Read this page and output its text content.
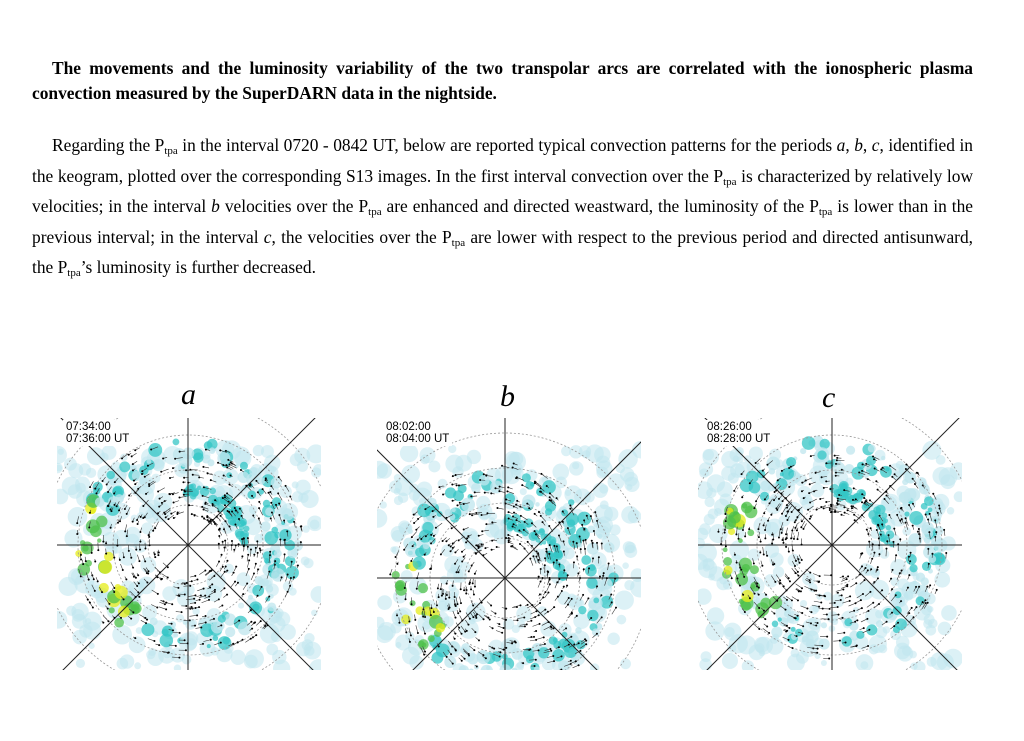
The movements and the luminosity variability of the two transpolar arcs are correlated with the ionospheric plasma convection measured by the SuperDARN data in the nightside.

Regarding the $P_{tpa}$ in the interval 0720 - 0842 UT, below are reported typical convection patterns for the periods a, b, c, identified in the keogram, plotted over the corresponding S13 images. In the first interval convection over the $P_{tpa}$ is characterized by relatively low velocities; in the interval b velocities over the $P_{tpa}$ are enhanced and directed weastward, the luminosity of the $P_{tpa}$ is lower than in the previous interval; in the interval c, the velocities over the $P_{tpa}$ are lower with respect to the previous period and directed antisunward, the $P_{tpa}’s$ luminosity is further decreased.

a	b	c
07:34:00
07:36:00 UT
08:02:00
08:04:00 UT
08:26:00
08:28:00 UT
